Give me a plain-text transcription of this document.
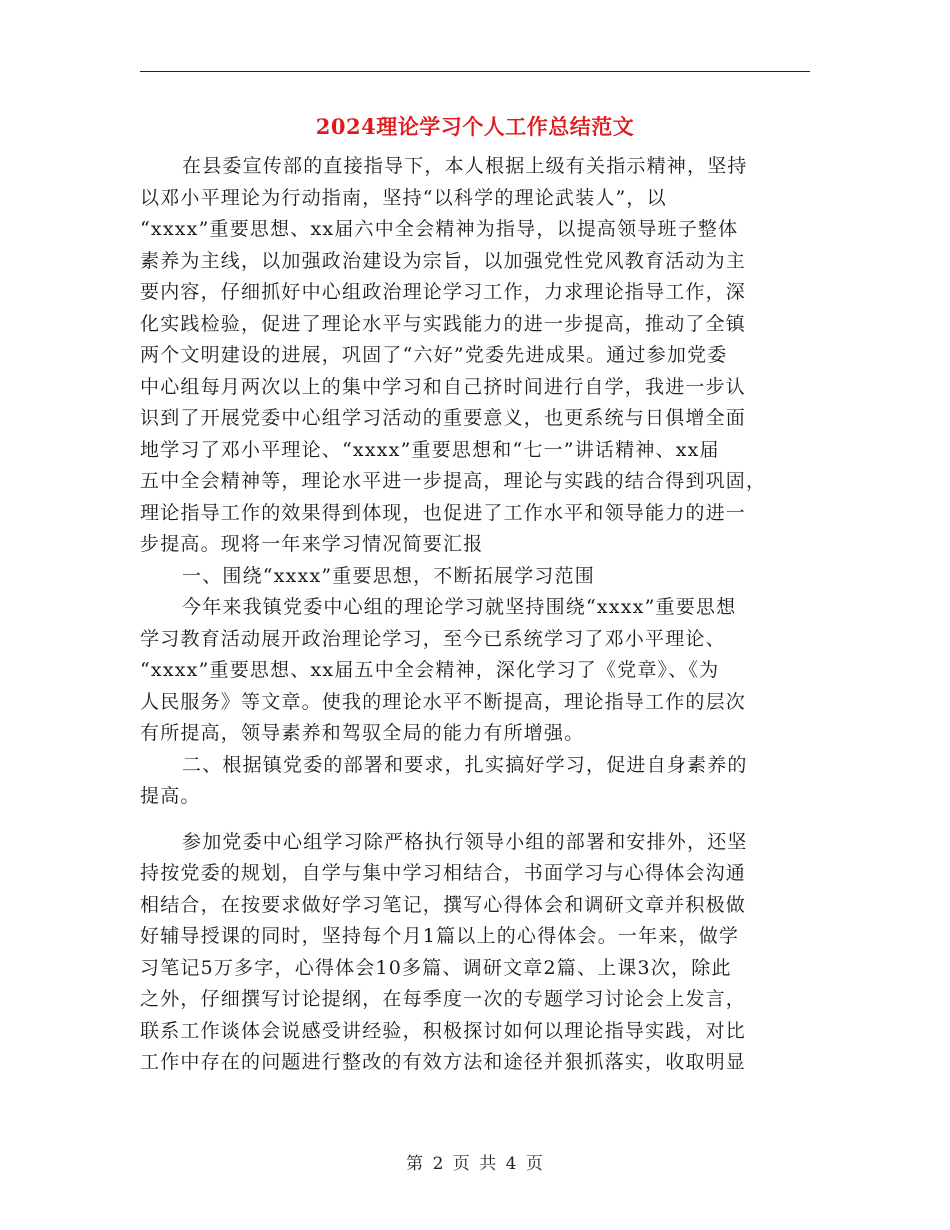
2024理论学习个人工作总结范文
在县委宣传部的直接指导下，本人根据上级有关指示精神，坚持
以邓小平理论为行动指南，坚持“以科学的理论武装人”，以
“xxxx”重要思想、xx届六中全会精神为指导，以提高领导班子整体
素养为主线，以加强政治建设为宗旨，以加强党性党风教育活动为主
要内容，仔细抓好中心组政治理论学习工作，力求理论指导工作，深
化实践检验，促进了理论水平与实践能力的进一步提高，推动了全镇
两个文明建设的进展，巩固了“六好”党委先进成果。通过参加党委
中心组每月两次以上的集中学习和自己挤时间进行自学，我进一步认
识到了开展党委中心组学习活动的重要意义，也更系统与日俱增全面
地学习了邓小平理论、“xxxx”重要思想和“七一”讲话精神、xx届
五中全会精神等，理论水平进一步提高，理论与实践的结合得到巩固，
理论指导工作的效果得到体现，也促进了工作水平和领导能力的进一
步提高。现将一年来学习情况简要汇报
一、围绕“xxxx”重要思想，不断拓展学习范围
今年来我镇党委中心组的理论学习就坚持围绕“xxxx”重要思想
学习教育活动展开政治理论学习，至今已系统学习了邓小平理论、
“xxxx”重要思想、xx届五中全会精神，深化学习了《党章》、《为
人民服务》等文章。使我的理论水平不断提高，理论指导工作的层次
有所提高，领导素养和驾驭全局的能力有所增强。
二、根据镇党委的部署和要求，扎实搞好学习，促进自身素养的
提高。
参加党委中心组学习除严格执行领导小组的部署和安排外，还坚
持按党委的规划，自学与集中学习相结合，书面学习与心得体会沟通
相结合，在按要求做好学习笔记，撰写心得体会和调研文章并积极做
好辅导授课的同时，坚持每个月1篇以上的心得体会。一年来，做学
习笔记5万多字，心得体会10多篇、调研文章2篇、上课3次，除此
之外，仔细撰写讨论提纲，在每季度一次的专题学习讨论会上发言，
联系工作谈体会说感受讲经验，积极探讨如何以理论指导实践，对比
工作中存在的问题进行整改的有效方法和途径并狠抓落实，收取明显
第 2 页 共 4 页
